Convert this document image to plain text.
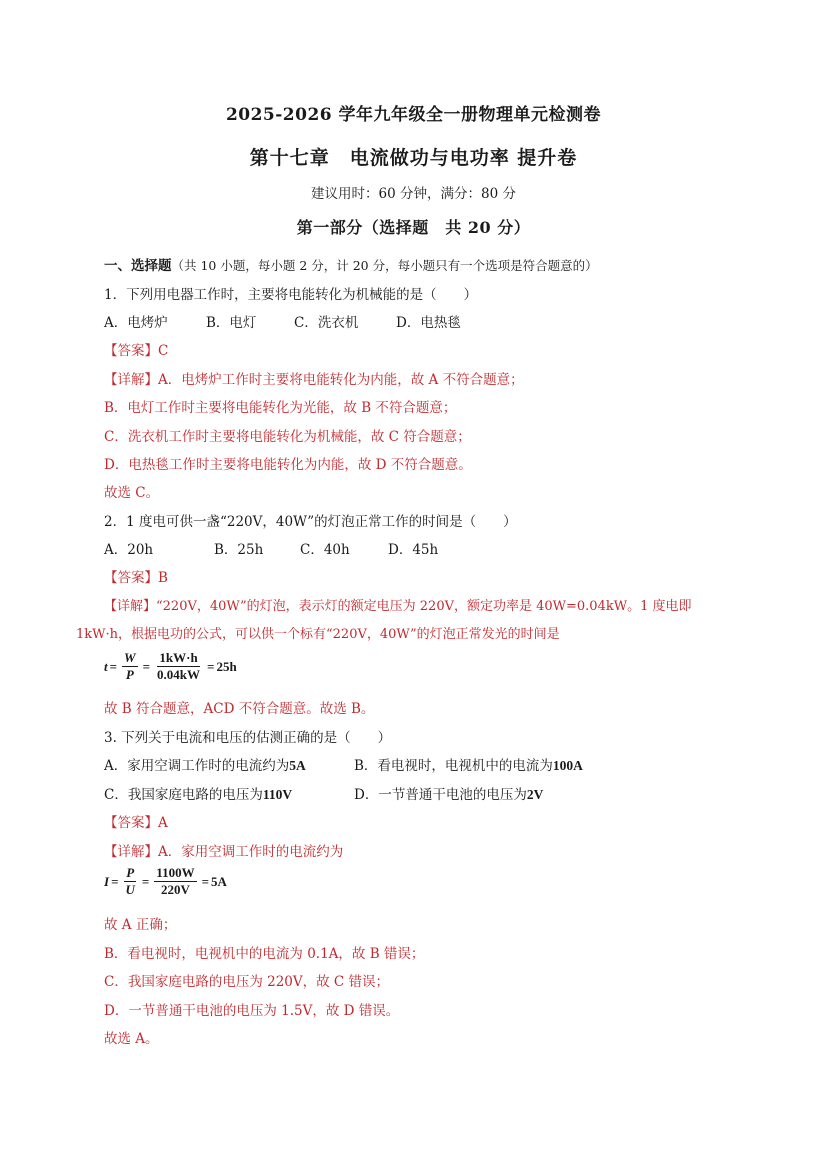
2025-2026 学年九年级全一册物理单元检测卷
第十七章　电流做功与电功率 提升卷
建议用时：60 分钟，满分：80 分
第一部分（选择题　共 20 分）
一、选择题（共 10 小题，每小题 2 分，计 20 分，每小题只有一个选项是符合题意的）
1．下列用电器工作时，主要将电能转化为机械能的是（　　）
A．电烤炉	B．电灯	C．洗衣机	D．电热毯
【答案】C
【详解】A．电烤炉工作时主要将电能转化为内能，故 A 不符合题意；
B．电灯工作时主要将电能转化为光能，故 B 不符合题意；
C．洗衣机工作时主要将电能转化为机械能，故 C 符合题意；
D．电热毯工作时主要将电能转化为内能，故 D 不符合题意。
故选 C。
2．1 度电可供一盏“220V，40W”的灯泡正常工作的时间是（　　）
A．20h	B．25h	C．40h	D．45h
【答案】B
【详解】“220V，40W”的灯泡，表示灯的额定电压为 220V，额定功率是 40W=0.04kW。1 度电即
1kW·h，根据电功的公式，可以供一个标有“220V，40W”的灯泡正常发光的时间是
$t = \frac{W}{P} = \frac{1kW\cdot h}{0.04kW} = 25h$
故 B 符合题意，ACD 不符合题意。故选 B。
3. 下列关于电流和电压的估测正确的是（　　）
A．家用空调工作时的电流约为5A	B．看电视时，电视机中的电流为100A
C．我国家庭电路的电压为110V	D．一节普通干电池的电压为2V
【答案】A
【详解】A．家用空调工作时的电流约为
$I = \frac{P}{U} = \frac{1100W}{220V} = 5A$
故 A 正确；
B．看电视时，电视机中的电流为 0.1A，故 B 错误；
C．我国家庭电路的电压为 220V，故 C 错误；
D．一节普通干电池的电压为 1.5V，故 D 错误。
故选 A。
